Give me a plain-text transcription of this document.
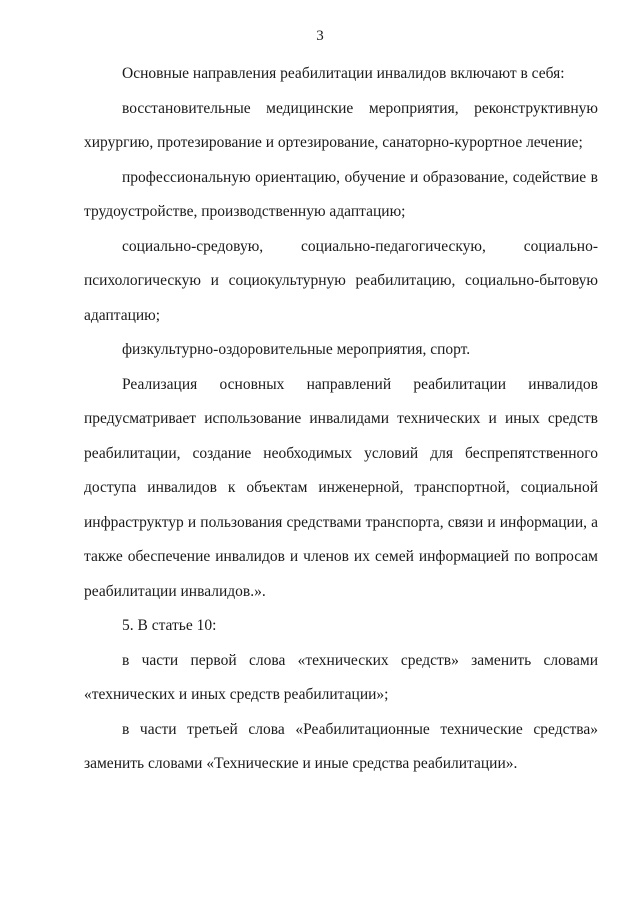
3
Основные направления реабилитации инвалидов включают в себя:
восстановительные медицинские мероприятия, реконструктивную
хирургию, протезирование и ортезирование, санаторно-курортное лечение;
профессиональную ориентацию, обучение и образование, содействие в
трудоустройстве, производственную адаптацию;
социально-средовую, социально-педагогическую, социально-
психологическую и социокультурную реабилитацию, социально-бытовую
адаптацию;
физкультурно-оздоровительные мероприятия, спорт.
Реализация основных направлений реабилитации инвалидов
предусматривает использование инвалидами технических и иных средств
реабилитации, создание необходимых условий для беспрепятственного
доступа инвалидов к объектам инженерной, транспортной, социальной
инфраструктур и пользования средствами транспорта, связи и информации, а
также обеспечение инвалидов и членов их семей информацией по вопросам
реабилитации инвалидов.».
5. В статье 10:
в части первой слова «технических средств» заменить словами
«технических и иных средств реабилитации»;
в части третьей слова «Реабилитационные технические средства»
заменить словами «Технические и иные средства реабилитации».
